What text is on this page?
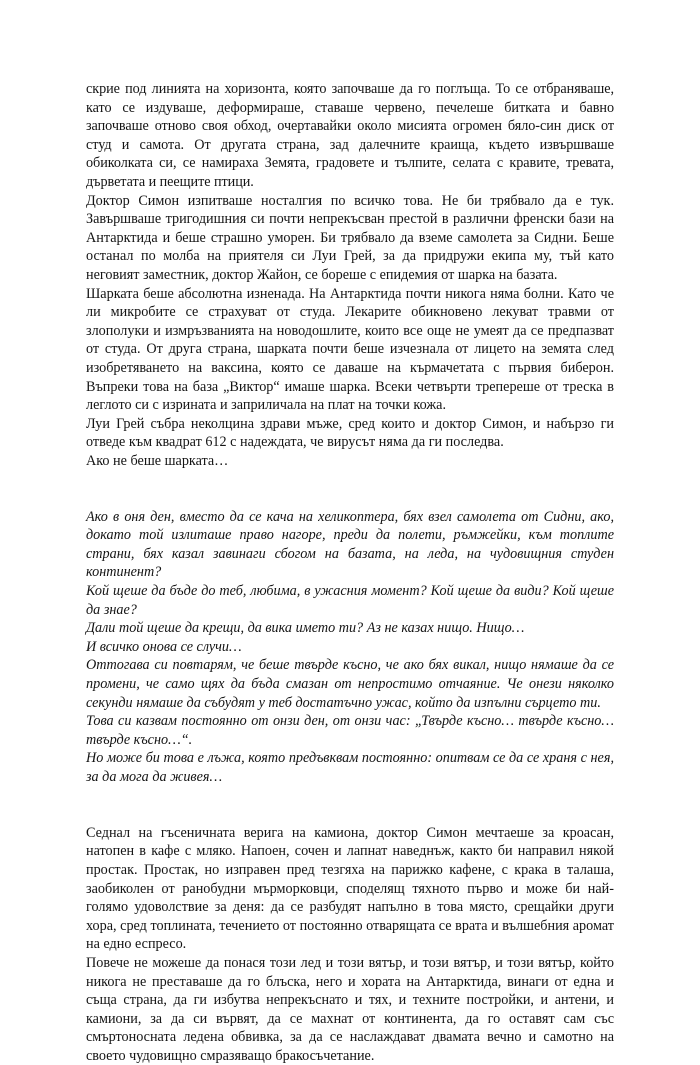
скрие под линията на хоризонта, която започваше да го поглъща. То се отбраняваше, като се издуваше, деформираше, ставаше червено, печелеше битката и бавно започваше отново своя обход, очертавайки около мисията огромен бяло-син диск от студ и самота. От другата страна, зад далечните краища, където извършваше обиколката си, се намираха Земята, градовете и тълпите, селата с кравите, тревата, дърветата и пеещите птици.

Доктор Симон изпитваше носталгия по всичко това. Не би трябвало да е тук. Завършваше тригодишния си почти непрекъсван престой в различни френски бази на Антарктида и беше страшно уморен. Би трябвало да вземе самолета за Сидни. Беше останал по молба на приятеля си Луи Грей, за да придружи екипа му, тъй като неговият заместник, доктор Жайон, се бореше с епидемия от шарка на базата.

Шарката беше абсолютна изненада. На Антарктида почти никога няма болни. Като че ли микробите се страхуват от студа. Лекарите обикновено лекуват травми от злополуки и измръзванията на новодошлите, които все още не умеят да се предпазват от студа. От друга страна, шарката почти беше изчезнала от лицето на земята след изобретяването на ваксина, която се даваше на кърмачетата с първия биберон. Въпреки това на база „Виктор“ имаше шарка. Всеки четвърти трепереше от треска в леглото си с изрината и заприличала на плат на точки кожа.

Луи Грей събра неколцина здрави мъже, сред които и доктор Симон, и набързо ги отведе към квадрат 612 с надеждата, че вирусът няма да ги последва.

Ако не беше шарката…

Ако в оня ден, вместо да се кача на хеликоптера, бях взел самолета от Сидни, ако, докато той излиташе право нагоре, преди да полети, ръмжейки, към топлите страни, бях казал завинаги сбогом на базата, на леда, на чудовищния студен континент?

Кой щеше да бъде до теб, любима, в ужасния момент? Кой щеше да види? Кой щеше да знае?

Дали той щеше да крещи, да вика името ти? Аз не казах нищо. Нищо…

И всичко онова се случи…

Оттогава си повтарям, че беше твърде късно, че ако бях викал, нищо нямаше да се промени, че само щях да бъда смазан от непростимо отчаяние. Че онези няколко секунди нямаше да събудят у теб достатъчно ужас, който да изпълни сърцето ти.

Това си казвам постоянно от онзи ден, от онзи час: „Твърде късно… твърде късно… твърде късно…“.

Но може би това е лъжа, която предъвквам постоянно: опитвам се да се храня с нея, за да мога да живея…

Седнал на гъсеничната верига на камиона, доктор Симон мечтаеше за кроасан, натопен в кафе с мляко. Напоен, сочен и лапнат наведнъж, както би направил някой простак. Простак, но изправен пред тезгяха на парижко кафене, с крака в талаша, заобиколен от ранобудни мърморковци, споделящ тяхното първо и може би най-голямо удоволствие за деня: да се разбудят напълно в това място, срещайки други хора, сред топлината, течението от постоянно отварящата се врата и вълшебния аромат на едно еспресо.

Повече не можеше да понася този лед и този вятър, и този вятър, и този вятър, който никога не преставаше да го блъска, него и хората на Антарктида, винаги от една и съща страна, да ги избутва непрекъснато и тях, и техните постройки, и антени, и камиони, за да си вървят, да се махнат от континента, да го оставят сам със смъртоносната ледена обвивка, за да се наслаждават двамата вечно и самотно на своето чудовищно смразяващо бракосъчетание.
